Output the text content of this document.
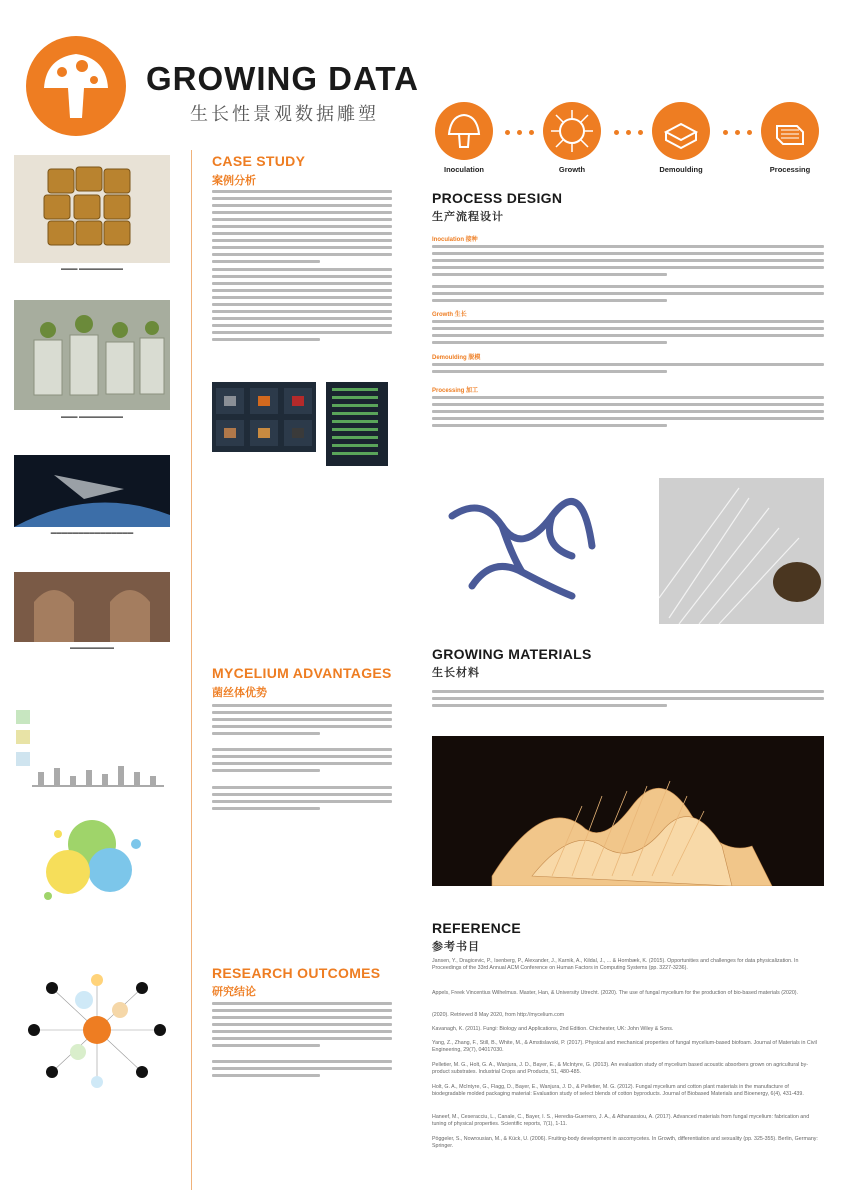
GROWING DATA
生长性景观数据雕塑
Inoculation	Growth	Demoulding	Processing
▬▬▬ ▬▬▬▬▬▬▬▬
▬▬▬ ▬▬▬▬▬▬▬▬
▬▬▬▬▬▬▬▬▬▬▬▬▬▬▬
▬▬▬▬▬▬▬▬
CASE STUDY
案例分析
MYCELIUM ADVANTAGES
菌丝体优势
RESEARCH OUTCOMES
研究结论
PROCESS DESIGN
生产流程设计
Inoculation 接种
Growth 生长
Demoulding 脱模
Processing 加工
GROWING MATERIALS
生长材料
REFERENCE
参考书目
Jansen, Y., Dragicevic, P., Isenberg, P., Alexander, J., Karnik, A., Kildal, J., ... & Hornbæk, K. (2015). Opportunities and challenges for data physicalization. In Proceedings of the 33rd Annual ACM Conference on Human Factors in Computing Systems (pp. 3227-3236).
Appels, Freek Vincentius Wilhelmus. Master, Han, & University Utrecht. (2020). The use of fungal mycelium for the production of bio-based materials (2020).
(2020). Retrieved 8 May 2020, from http://mycelium.com
Kavanagh, K. (2011). Fungi: Biology and Applications, 2nd Edition. Chichester, UK: John Wiley & Sons.
Yang, Z., Zhang, F., Still, B., White, M., & Amstislavski, P. (2017). Physical and mechanical properties of fungal mycelium-based biofoam. Journal of Materials in Civil Engineering, 29(7), 04017030.
Pelletier, M. G., Holt, G. A., Wanjura, J. D., Bayer, E., & McIntyre, G. (2013). An evaluation study of mycelium based acoustic absorbers grown on agricultural by-product substrates. Industrial Crops and Products, 51, 480-485.
Holt, G. A., McIntyre, G., Flagg, D., Bayer, E., Wanjura, J. D., & Pelletier, M. G. (2012). Fungal mycelium and cotton plant materials in the manufacture of biodegradable molded packaging material: Evaluation study of select blends of cotton byproducts. Journal of Biobased Materials and Bioenergy, 6(4), 431-439.
Haneef, M., Ceseracciu, L., Canale, C., Bayer, I. S., Heredia-Guerrero, J. A., & Athanassiou, A. (2017). Advanced materials from fungal mycelium: fabrication and tuning of physical properties. Scientific reports, 7(1), 1-11.
Pöggeler, S., Nowrousian, M., & Kück, U. (2006). Fruiting-body development in ascomycetes. In Growth, differentiation and sexuality (pp. 325-355). Berlin, Germany: Springer.
